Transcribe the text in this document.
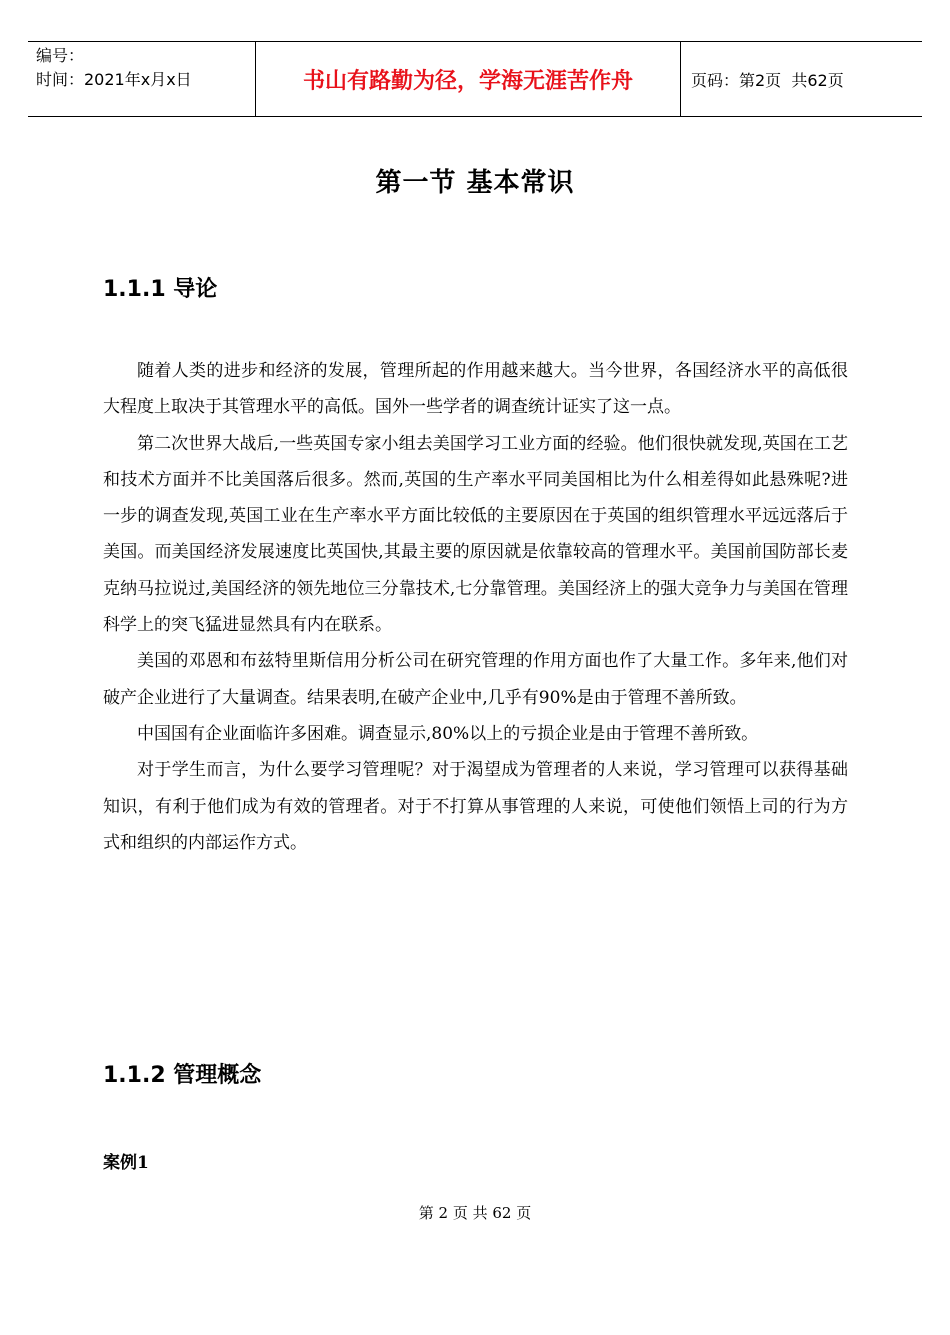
编号：
时间：2021年x月x日	书山有路勤为径，学海无涯苦作舟	页码：第2页  共62页
第一节 基本常识
1.1.1 导论

随着人类的进步和经济的发展，管理所起的作用越来越大。当今世界，各国经济水平的高低很大程度上取决于其管理水平的高低。国外一些学者的调查统计证实了这一点。

第二次世界大战后,一些英国专家小组去美国学习工业方面的经验。他们很快就发现,英国在工艺和技术方面并不比美国落后很多。然而,英国的生产率水平同美国相比为什么相差得如此悬殊呢?进一步的调查发现,英国工业在生产率水平方面比较低的主要原因在于英国的组织管理水平远远落后于美国。而美国经济发展速度比英国快,其最主要的原因就是依靠较高的管理水平。美国前国防部长麦克纳马拉说过,美国经济的领先地位三分靠技术,七分靠管理。美国经济上的强大竞争力与美国在管理科学上的突飞猛进显然具有内在联系。

美国的邓恩和布兹特里斯信用分析公司在研究管理的作用方面也作了大量工作。多年来,他们对破产企业进行了大量调查。结果表明,在破产企业中,几乎有90%是由于管理不善所致。

中国国有企业面临许多困难。调查显示,80%以上的亏损企业是由于管理不善所致。

对于学生而言，为什么要学习管理呢？对于渴望成为管理者的人来说，学习管理可以获得基础知识，有利于他们成为有效的管理者。对于不打算从事管理的人来说，可使他们领悟上司的行为方式和组织的内部运作方式。

1.1.2 管理概念
案例1
第 2 页 共 62 页
